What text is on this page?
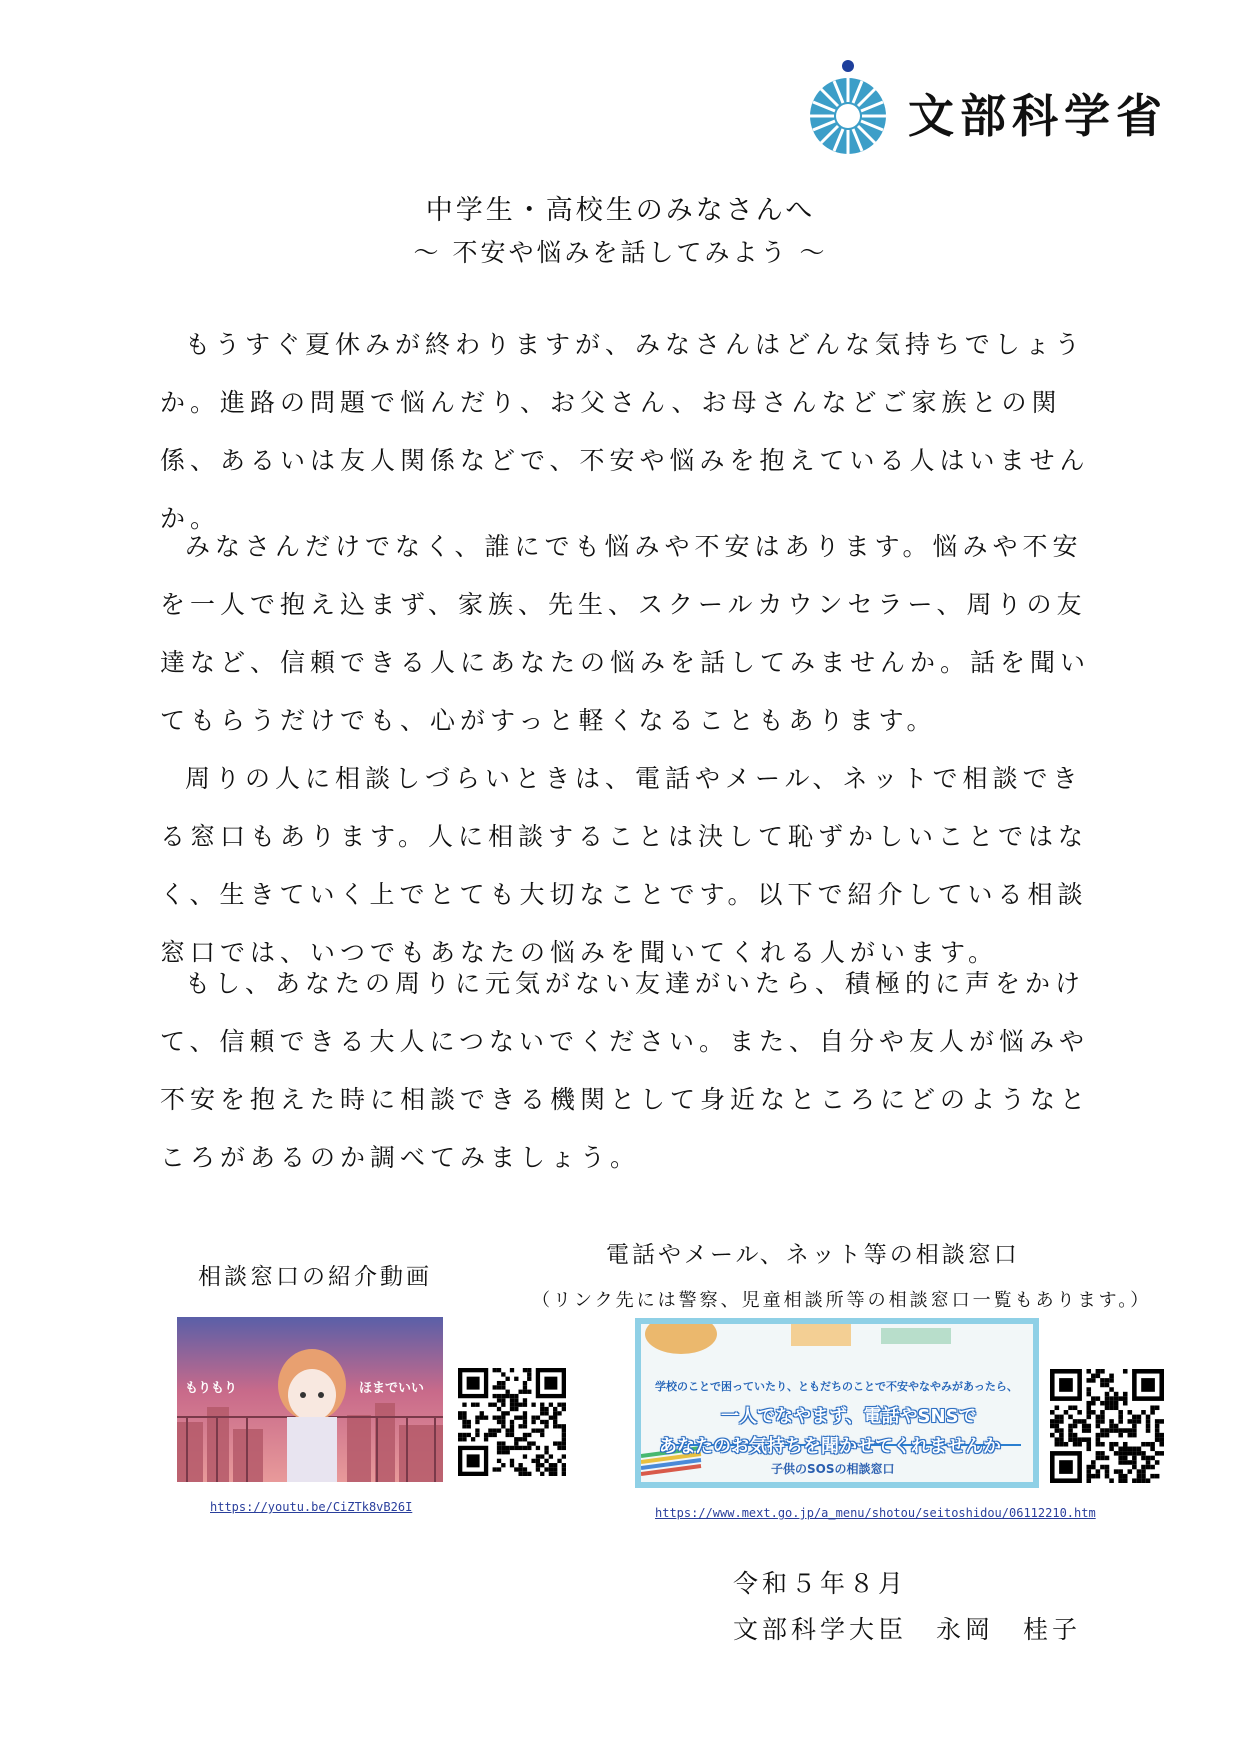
文部科学省
中学生・高校生のみなさんへ
～ 不安や悩みを話してみよう ～

もうすぐ夏休みが終わりますが、みなさんはどんな気持ちでしょうか。進路の問題で悩んだり、お父さん、お母さんなどご家族との関係、あるいは友人関係などで、不安や悩みを抱えている人はいませんか。

みなさんだけでなく、誰にでも悩みや不安はあります。悩みや不安を一人で抱え込まず、家族、先生、スクールカウンセラー、周りの友達など、信頼できる人にあなたの悩みを話してみませんか。話を聞いてもらうだけでも、心がすっと軽くなることもあります。

周りの人に相談しづらいときは、電話やメール、ネットで相談できる窓口もあります。人に相談することは決して恥ずかしいことではなく、生きていく上でとても大切なことです。以下で紹介している相談窓口では、いつでもあなたの悩みを聞いてくれる人がいます。

もし、あなたの周りに元気がない友達がいたら、積極的に声をかけて、信頼できる大人につないでください。また、自分や友人が悩みや不安を抱えた時に相談できる機関として身近なところにどのようなところがあるのか調べてみましょう。

相談窓口の紹介動画
電話やメール、ネット等の相談窓口
（リンク先には警察、児童相談所等の相談窓口一覧もあります。）
もりもり	ほまでいい	学校のことで困っていたり、ともだちのことで不安やなやみがあったら、
一人でなやまず、電話やSNSで
あなたのお気持ちを聞かせてくれませんか
子供のSOSの相談窓口
https://youtu.be/CiZTk8vB26I	https://www.mext.go.jp/a_menu/shotou/seitoshidou/06112210.htm
令和５年８月
文部科学大臣　永岡　桂子
